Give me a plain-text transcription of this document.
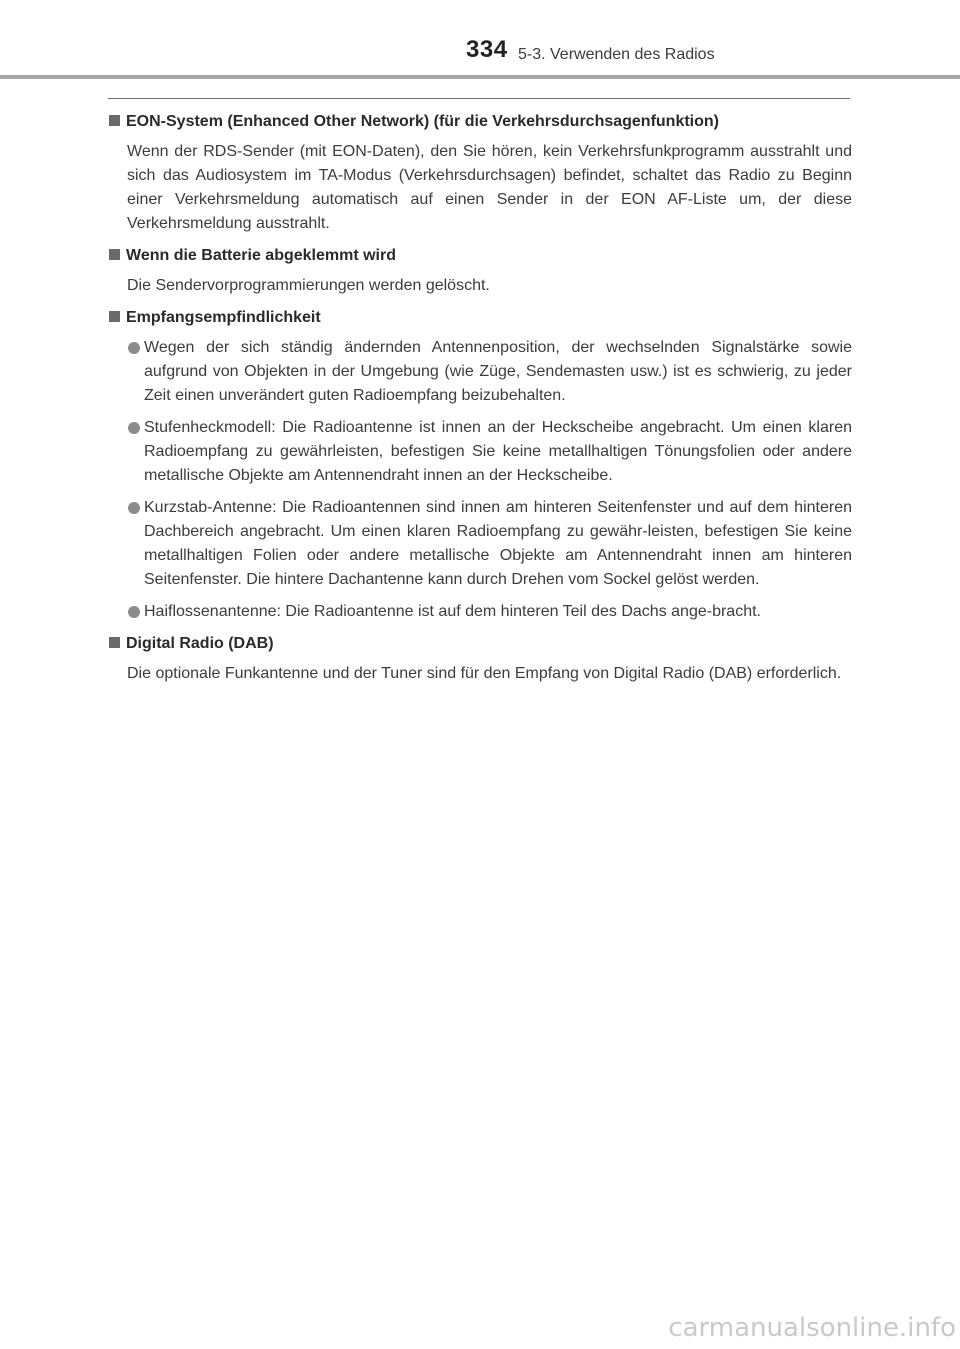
334 5-3. Verwenden des Radios
EON-System (Enhanced Other Network) (für die Verkehrsdurchsagenfunktion)

Wenn der RDS-Sender (mit EON-Daten), den Sie hören, kein Verkehrsfunkprogramm ausstrahlt und sich das Audiosystem im TA-Modus (Verkehrsdurchsagen) befindet, schaltet das Radio zu Beginn einer Verkehrsmeldung automatisch auf einen Sender in der EON AF-Liste um, der diese Verkehrsmeldung ausstrahlt.

Wenn die Batterie abgeklemmt wird

Die Sendervorprogrammierungen werden gelöscht.

Empfangsempfindlichkeit
Wegen der sich ständig ändernden Antennenposition, der wechselnden Signalstärke sowie aufgrund von Objekten in der Umgebung (wie Züge, Sendemasten usw.) ist es schwierig, zu jeder Zeit einen unverändert guten Radioempfang beizubehalten.
Stufenheckmodell: Die Radioantenne ist innen an der Heckscheibe angebracht. Um einen klaren Radioempfang zu gewährleisten, befestigen Sie keine metallhaltigen Tönungsfolien oder andere metallische Objekte am Antennendraht innen an der Heckscheibe.
Kurzstab-Antenne: Die Radioantennen sind innen am hinteren Seitenfenster und auf dem hinteren Dachbereich angebracht. Um einen klaren Radioempfang zu gewähr-leisten, befestigen Sie keine metallhaltigen Folien oder andere metallische Objekte am Antennendraht innen am hinteren Seitenfenster. Die hintere Dachantenne kann durch Drehen vom Sockel gelöst werden.
Haiflossenantenne: Die Radioantenne ist auf dem hinteren Teil des Dachs ange-bracht.
Digital Radio (DAB)

Die optionale Funkantenne und der Tuner sind für den Empfang von Digital Radio (DAB) erforderlich.

carmanualsonline.info
